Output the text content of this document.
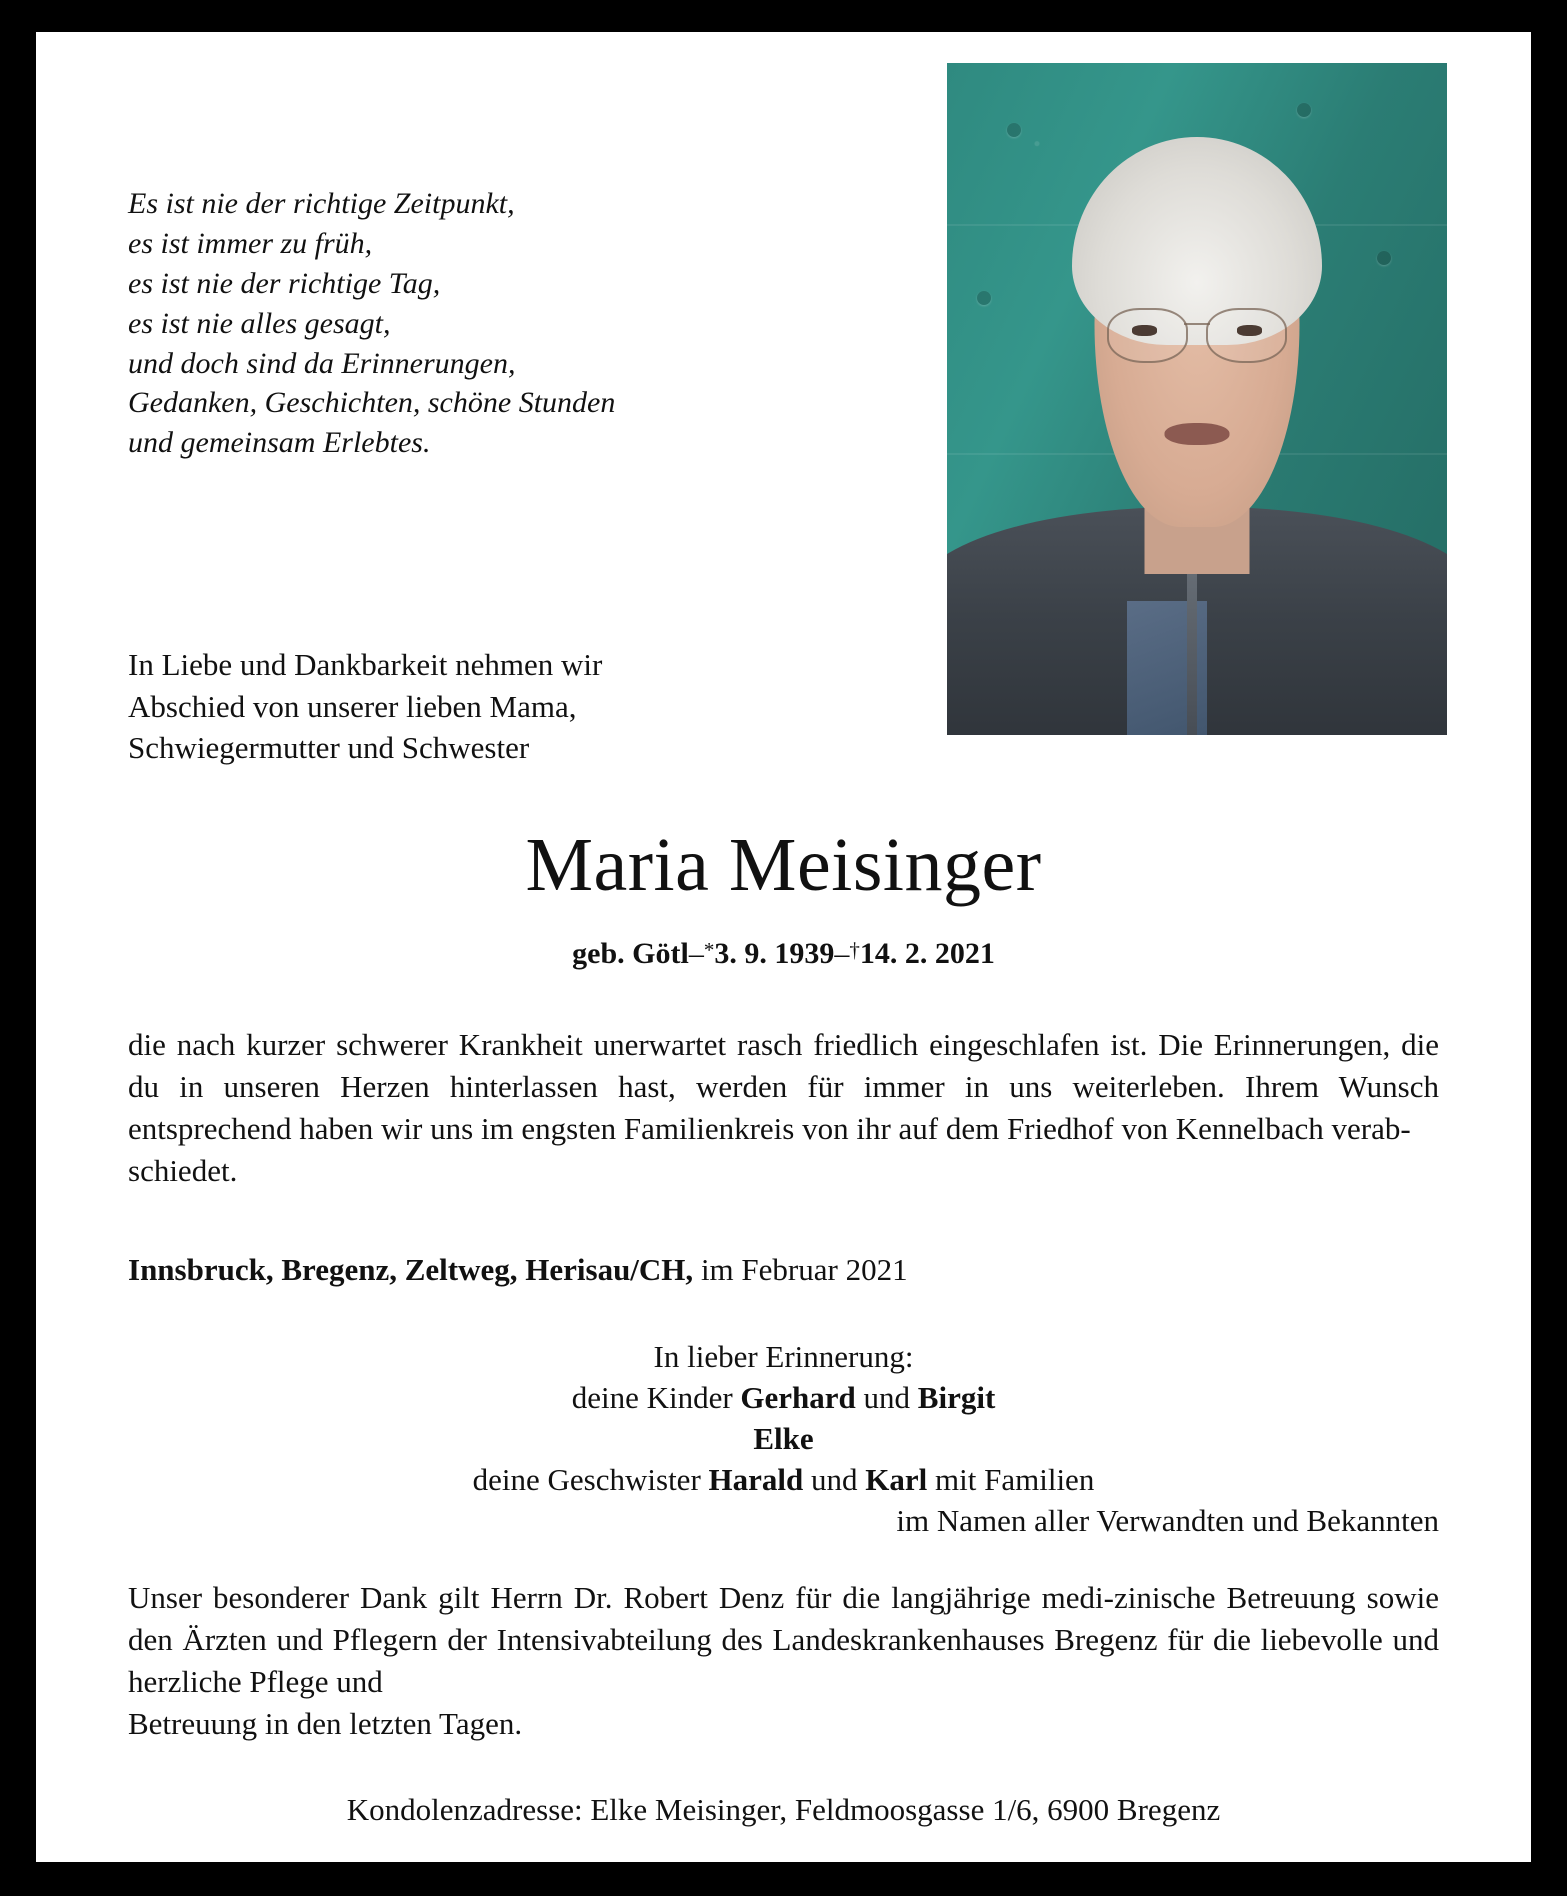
Es ist nie der richtige Zeitpunkt,
es ist immer zu früh,
es ist nie der richtige Tag,
es ist nie alles gesagt,
und doch sind da Erinnerungen,
Gedanken, Geschichten, schöne Stunden
und gemeinsam Erlebtes.
In Liebe und Dankbarkeit nehmen wir
Abschied von unserer lieben Mama,
Schwiegermutter und Schwester
Maria Meisinger
geb. Götl–*3. 9. 1939–†14. 2. 2021
die nach kurzer schwerer Krankheit unerwartet rasch friedlich eingeschlafen ist. Die Erinnerungen, die du in unseren Herzen hinterlassen hast, werden für immer in uns weiterleben. Ihrem Wunsch entsprechend haben wir uns im engsten Familienkreis von ihr auf dem Friedhof von Kennelbach verab-
schiedet.
Innsbruck, Bregenz, Zeltweg, Herisau/CH, im Februar 2021
In lieber Erinnerung:
deine Kinder Gerhard und Birgit
Elke
deine Geschwister Harald und Karl mit Familien
im Namen aller Verwandten und Bekannten
Unser besonderer Dank gilt Herrn Dr. Robert Denz für die langjährige medi-zinische Betreuung sowie den Ärzten und Pflegern der Intensivabteilung des Landeskrankenhauses Bregenz für die liebevolle und herzliche Pflege und
Betreuung in den letzten Tagen.
Kondolenzadresse: Elke Meisinger, Feldmoosgasse 1/6, 6900 Bregenz
